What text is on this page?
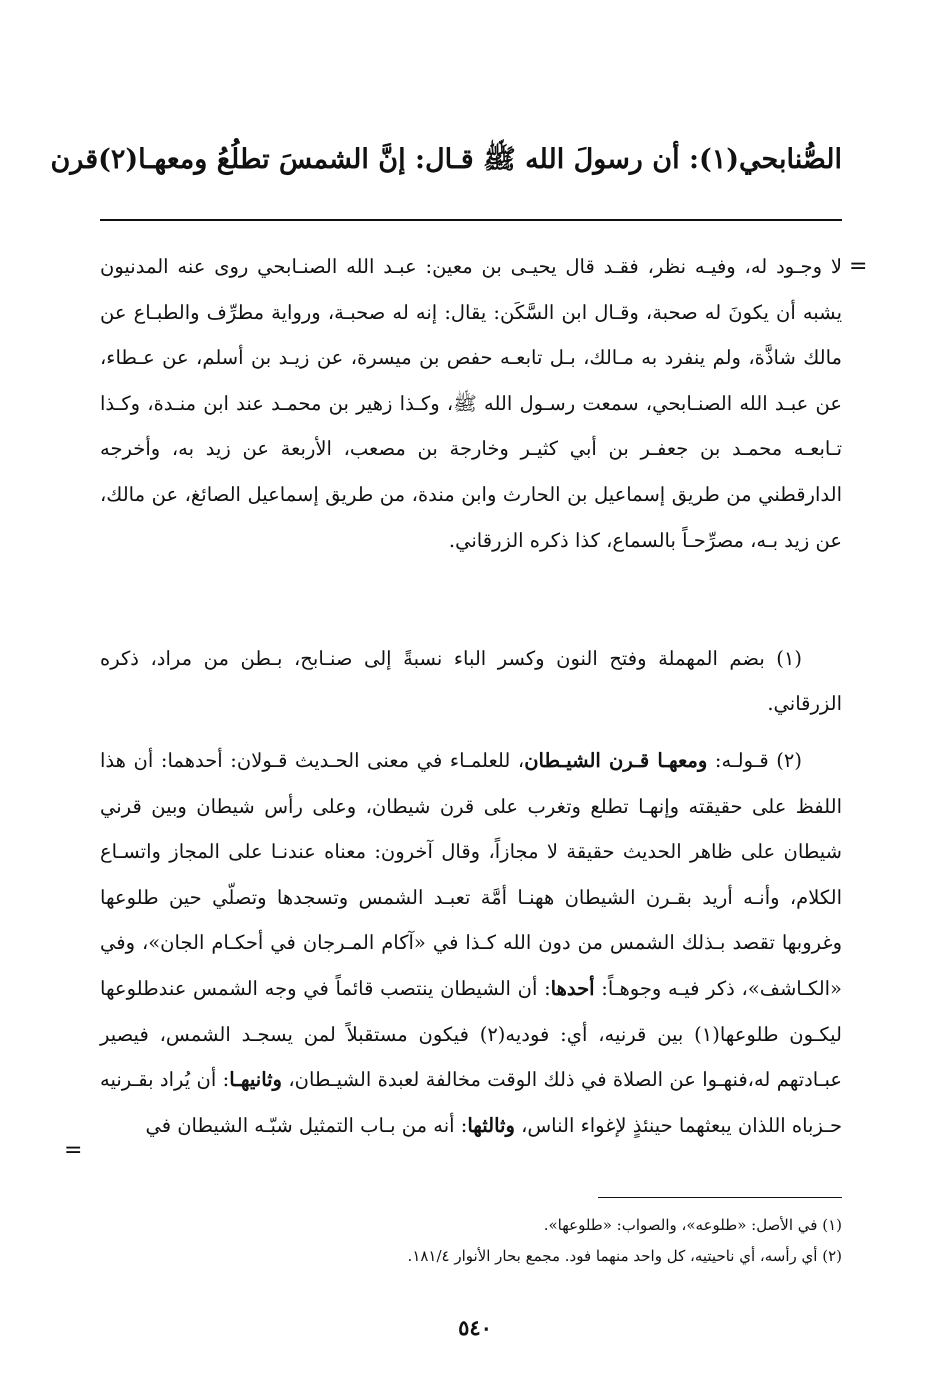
الصُّنابحي(١): أن رسولَ الله ﷺ قـال: إنَّ الشمسَ تطلُعُ ومعهـا(٢)قرن
=
لا وجـود له، وفيـه نظر، فقـد قال يحيـى بن معين: عبـد الله الصنـابحي روى عنه المدنيون يشبه أن يكونَ له صحبة، وقـال ابن السَّكَن: يقال: إنه له صحبـة، ورواية مطرِّف والطبـاع عن مالك شاذَّة، ولم ينفرد به مـالك، بـل تابعـه حفص بن ميسرة، عن زيـد بن أسلم، عن عـطاء، عن عبـد الله الصنـابحي، سمعت رسـول الله ﷺ، وكـذا زهير بن محمـد عند ابن منـدة، وكـذا تـابعـه محمـد بن جعفـر بن أبي كثيـر وخارجة بن مصعب، الأربعة عن زيد به، وأخرجه الدارقطني من طريق إسماعيل بن الحارث وابن مندة، من طريق إسماعيل الصائغ، عن مالك، عن زيد بـه، مصرِّحـاً بالسماع، كذا ذكره الزرقاني.
(١) بضم المهملة وفتح النون وكسر الباء نسبةً إلى صنـابح، بـطن من مراد، ذكره الزرقاني.
(٢) قـولـه: ومعهـا قـرن الشيـطان، للعلمـاء في معنى الحـديث قـولان: أحدهما: أن هذا اللفظ على حقيقته وإنهـا تطلع وتغرب على قرن شيطان، وعلى رأس شيطان وبين قرني شيطان على ظاهر الحديث حقيقة لا مجازاً، وقال آخرون: معناه عندنـا على المجاز واتسـاع الكلام، وأنـه أريد بقـرن الشيطان ههنـا أمَّة تعبـد الشمس وتسجدها وتصلّي حين طلوعها وغروبها تقصد بـذلك الشمس من دون الله كـذا في «آكام المـرجان في أحكـام الجان»، وفي «الكـاشف»، ذكر فيـه وجوهـاً: أحدها: أن الشيطان ينتصب قائماً في وجه الشمس عندطلوعها ليكـون طلوعها(١) بين قرنيه، أي: فوديه(٢) فيكون مستقبلاً لمن يسجـد الشمس، فيصير عبـادتهم له،فنهـوا عن الصلاة في ذلك الوقت مخالفة لعبدة الشيـطان، وثانيهـا: أن يُراد بقـرنيه حـزباه اللذان يبعثهما حينئذٍ لإغواء الناس، وثالثها: أنه من بـاب التمثيل شبّـه الشيطان في
=
(١) في الأصل: «طلوعه»، والصواب: «طلوعها».
(٢) أي رأسه، أي ناحيتيه، كل واحد منهما فود. مجمع بحار الأنوار ١٨١/٤.
٥٤٠
